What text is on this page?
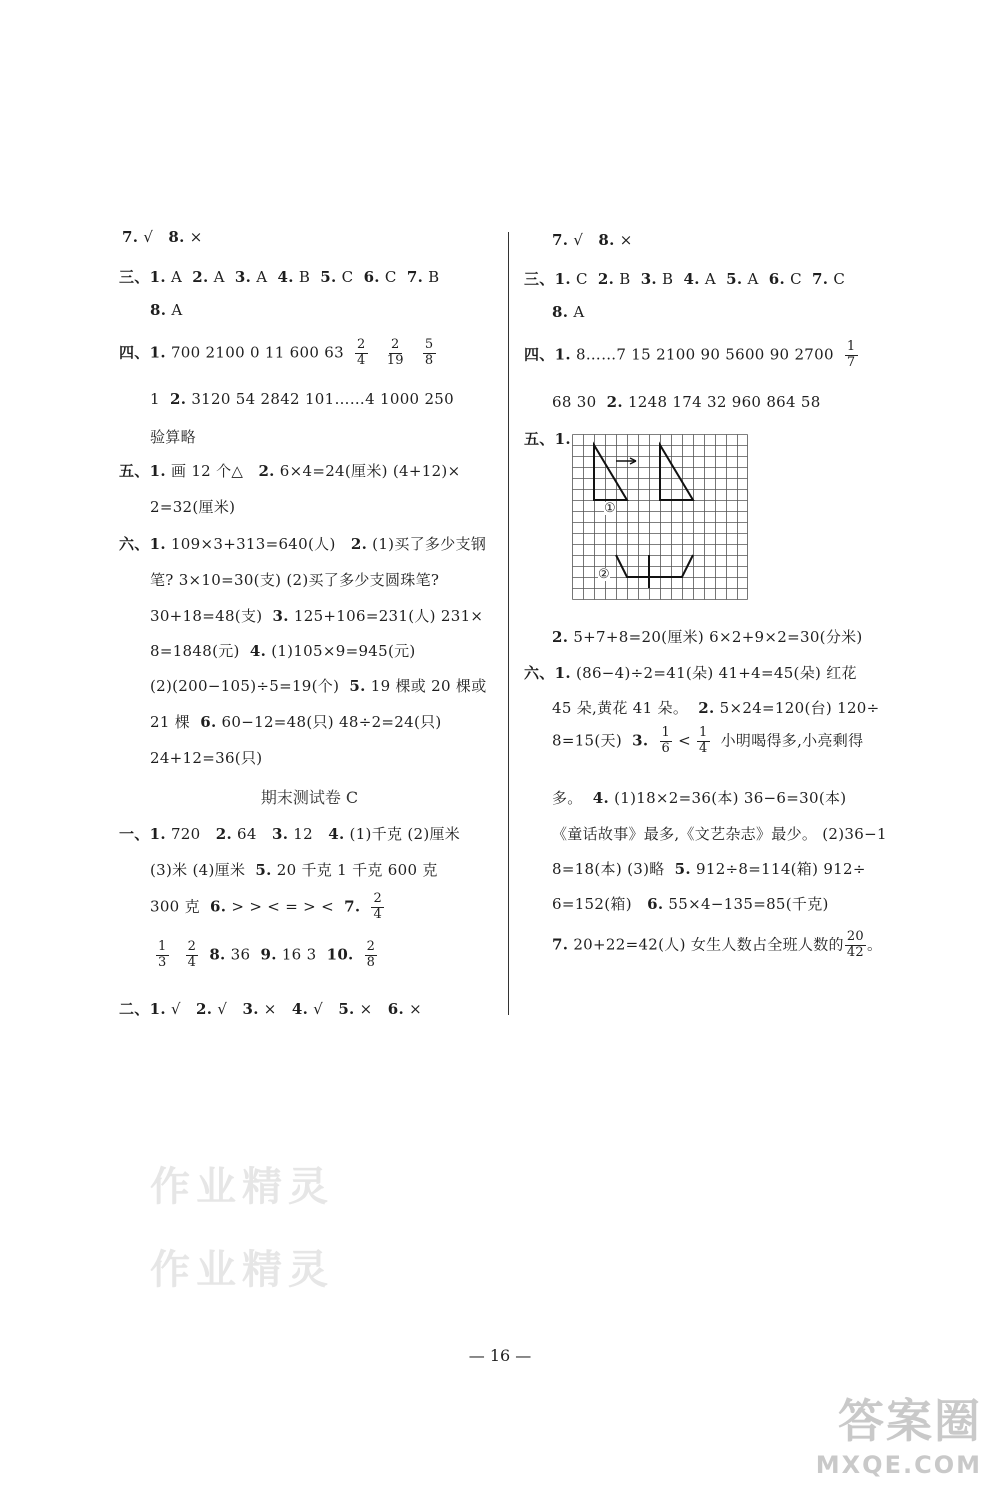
7. √ 8. ×
三、1. A 2. A 3. A 4. B 5. C 6. C 7. B
8. A
四、1. 700 2100 0 11 600 $63 \frac{2}{4}$
$\frac{2}{19}$
$\frac{5}{8}$
1 2. 3120 54 2842 101……4 1000 250
验算略
五、1. 画 12 个△ 2. 6×4=24(厘米) (4+12)×
2=32(厘米)
六、1. 109×3+313=640(人) 2. (1)买了多少支钢
笔? 3×10=30(支) (2)买了多少支圆珠笔?
30+18=48(支) 3. 125+106=231(人) 231×
8=1848(元) 4. (1)105×9=945(元)
(2)(200−105)÷5=19(个) 5. 19 棵或 20 棵或
21 棵 6. 60−12=48(只) 48÷2=24(只)
24+12=36(只)
期末测试卷 C
一、1. 720 2. 64 3. 12 4. (1)千克 (2)厘米
(3)米 (4)厘米 5. 20 千克 1 千克 600 克
300 克 6. > > < = > < 7. $\frac{2}{4}$
$\frac{1}{3}$
$\frac{2}{4} 8$. 36 9. 16 3 10. $\frac{2}{8}$
二、1. √ 2. √ 3. × 4. √ 5. × 6. ×
7. √ 8. ×
三、1. C 2. B 3. B 4. A 5. A 6. C 7. C
8. A
四、1. 8……7 15 2100 90 5600 90 $2700 \frac{1}{7}$
68 30 2. 1248 174 32 960 864 58
五、1.
①
②
2. 5+7+8=20(厘米) 6×2+9×2=30(分米)
六、1. (86−4)÷2=41(朵) 41+4=45(朵) 红花
45 朵,黄花 41 朵。 2. 5×24=120(台) 120÷
8=15(天) 3. $\frac{1}{6} < \frac{1}{4}$ 小明喝得多,小亮剩得
多。 4. (1)18×2=36(本) 36−6=30(本)
《童话故事》最多,《文艺杂志》最少。 (2)36−1
8=18(本) (3)略 5. 912÷8=114(箱) 912÷
6=152(箱) 6. 55×4−135=85(千克)
7. 20+22=42(人) 女生人数占全班人数的 $\frac{20}{42}$ 。
作业精灵
作业精灵
— 16 —
答案圈
MXQE.COM
